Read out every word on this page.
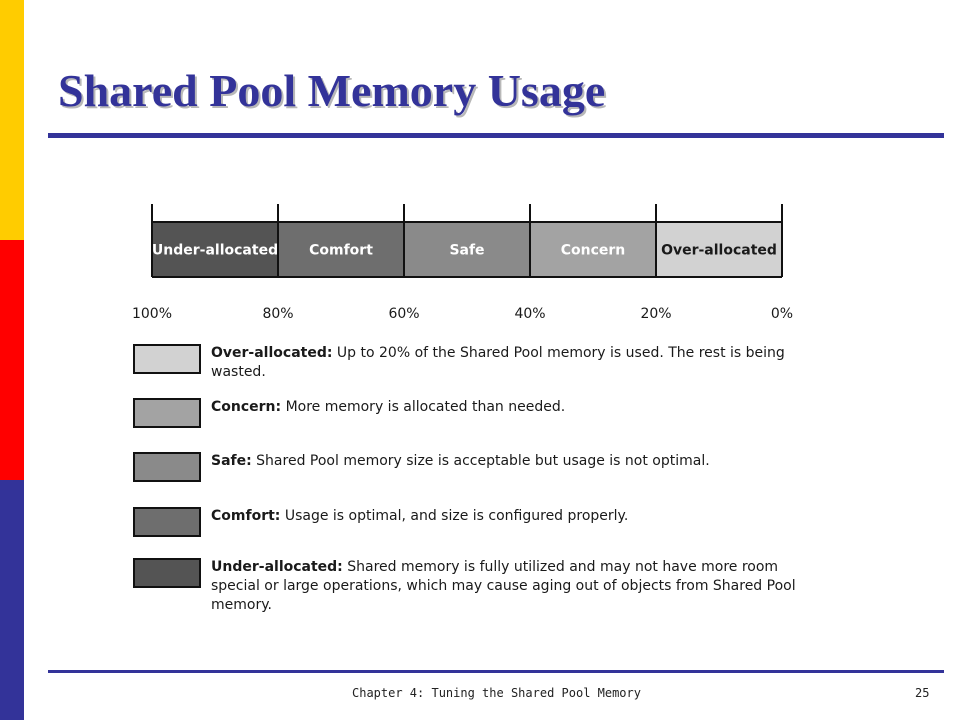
Shared Pool Memory Usage
Under-allocated Comfort	Safe	Concern	Over-allocated
100%	80%	60%	40%	20%	0%
Over-allocated: Up to 20% of the Shared Pool memory is used. The rest is being wasted.
Concern: More memory is allocated than needed.
Safe: Shared Pool memory size is acceptable but usage is not optimal.
Comfort: Usage is optimal, and size is configured properly.
Under-allocated: Shared memory is fully utilized and may not have more room special or large operations, which may cause aging out of objects from Shared Pool memory.
Chapter 4: Tuning the Shared Pool Memory	25
